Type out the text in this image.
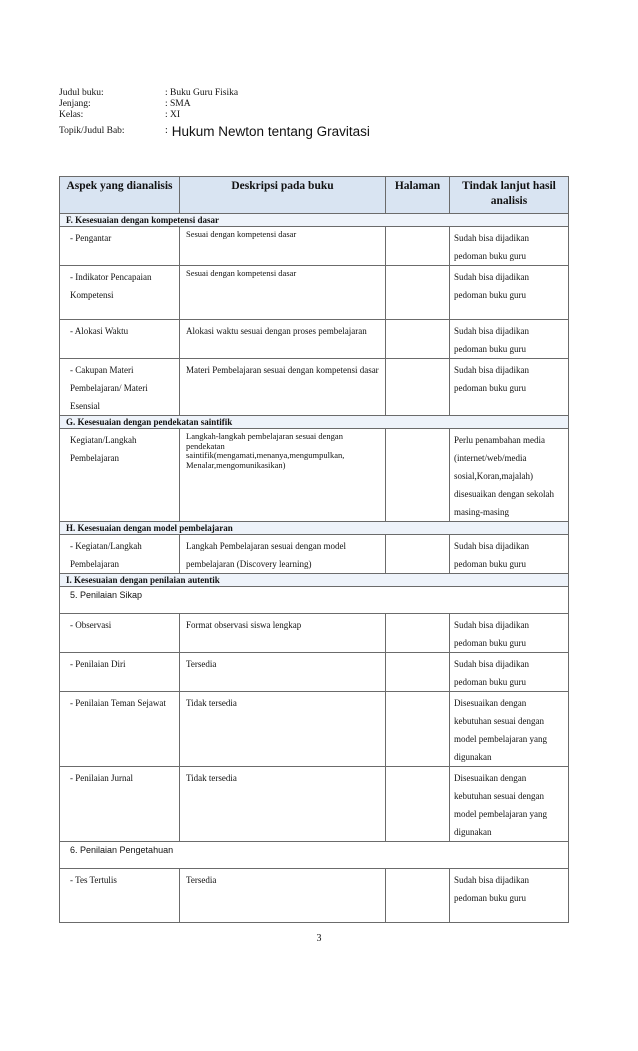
Judul buku:	: Buku Guru Fisika
Jenjang:	: SMA
Kelas:	: XI
Topik/Judul Bab:	: Hukum Newton tentang Gravitasi
Aspek yang dianalisis	Deskripsi pada buku	Halaman	Tindak lanjut hasil analisis
F. Kesesuaian dengan kompetensi dasar			

- Pengantar	Sesuai dengan kompetensi dasar		Sudah bisa dijadikan pedoman buku guru

- Indikator Pencapaian Kompetensi	Sesuai dengan kompetensi dasar		Sudah bisa dijadikan pedoman buku guru

- Alokasi Waktu	Alokasi waktu sesuai dengan proses pembelajaran		Sudah bisa dijadikan pedoman buku guru

- Cakupan Materi Pembelajaran/ Materi Esensial	Materi Pembelajaran sesuai dengan kompetensi dasar		Sudah bisa dijadikan pedoman buku guru

G. Kesesuaian dengan pendekatan saintifik			

Kegiatan/Langkah Pembelajaran	Langkah-langkah pembelajaran sesuai dengan pendekatan saintifik(mengamati,menanya,mengumpulkan, Menalar,mengomunikasikan)		Perlu penambahan media (internet/web/media sosial,Koran,majalah) disesuaikan dengan sekolah masing-masing

H. Kesesuaian dengan model pembelajaran			

- Kegiatan/Langkah Pembelajaran	Langkah Pembelajaran sesuai dengan model pembelajaran (Discovery learning)		Sudah bisa dijadikan pedoman buku guru

I. Kesesuaian dengan penilaian autentik			
5. Penilaian Sikap			

- Observasi	Format observasi siswa lengkap		Sudah bisa dijadikan pedoman buku guru

- Penilaian Diri	Tersedia		Sudah bisa dijadikan pedoman buku guru

- Penilaian Teman Sejawat	Tidak tersedia		Disesuaikan dengan kebutuhan sesuai dengan model pembelajaran yang digunakan

- Penilaian Jurnal	Tidak tersedia		Disesuaikan dengan kebutuhan sesuai dengan model pembelajaran yang digunakan

6. Penilaian Pengetahuan			

- Tes Tertulis	Tersedia		Sudah bisa dijadikan pedoman buku guru
3
